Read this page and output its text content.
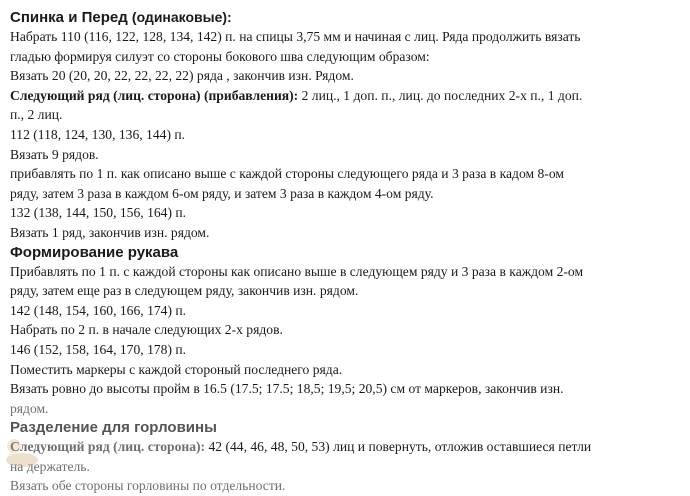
Спинка и Перед (одинаковые):

Набрать 110 (116, 122, 128, 134, 142) п. на спицы 3,75 мм и начиная с лиц. Ряда продолжить вязать

гладью формируя силуэт со стороны бокового шва следующим образом:

Вязать 20 (20, 20, 22, 22, 22, 22) ряда , закончив изн. Рядом.

Следующий ряд (лиц. сторона) (прибавления): 2 лиц., 1 доп. п., лиц. до последних 2-х п., 1 доп.

п., 2 лиц.

112 (118, 124, 130, 136, 144) п.

Вязать 9 рядов.

прибавлять по 1 п. как описано выше с каждой стороны следующего ряда и 3 раза в кадом 8-ом

ряду, затем 3 раза в каждом 6-ом ряду, и затем 3 раза в каждом 4-ом ряду.

132 (138, 144, 150, 156, 164) п.

Вязать 1 ряд, закончив изн. рядом.

Формирование рукава

Прибавлять по 1 п. с каждой стороны как описано выше в следующем ряду и 3 раза в каждом 2-ом

ряду, затем еще раз в следующем ряду, закончив изн. рядом.

142 (148, 154, 160, 166, 174) п.

Набрать по 2 п. в начале следующих 2-х рядов.

146 (152, 158, 164, 170, 178) п.

Поместить маркеры с каждой стороный последнего ряда.

Вязать ровно до высоты пройм в 16.5 (17.5; 17.5; 18,5; 19,5; 20,5) см от маркеров, закончив изн.

рядом.

Разделение для горловины

Следующий ряд (лиц. сторона): 42 (44, 46, 48, 50, 53) лиц и повернуть, отложив оставшиеся петли

на держатель.

Вязать обе стороны горловины по отдельности.
